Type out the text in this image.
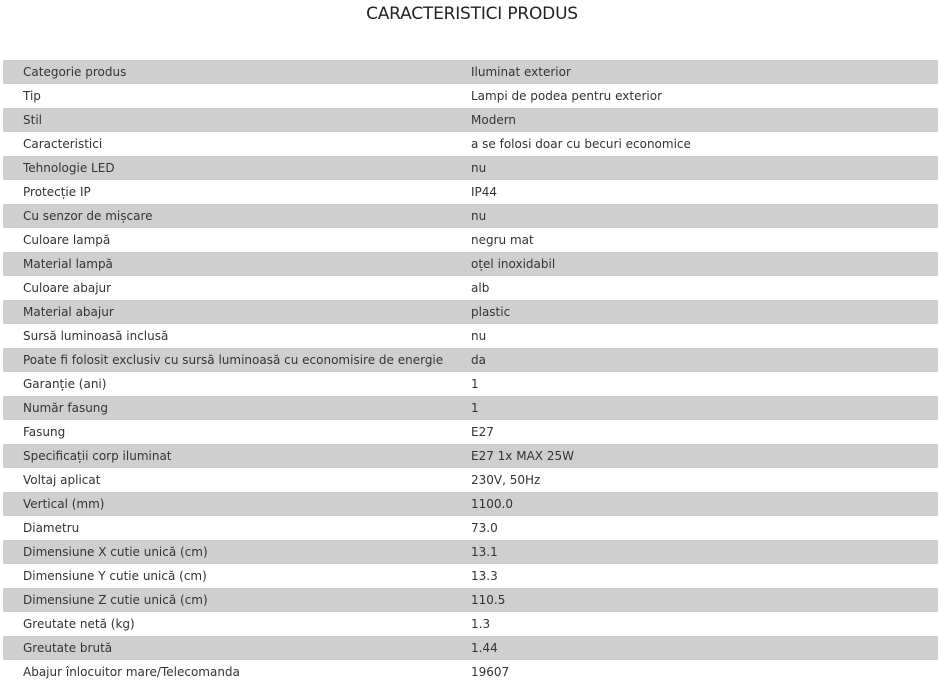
CARACTERISTICI PRODUS
Categorie produs	Iluminat exterior
Tip	Lampi de podea pentru exterior
Stil	Modern
Caracteristici	a se folosi doar cu becuri economice
Tehnologie LED	nu
Protecție IP	IP44
Cu senzor de mișcare	nu
Culoare lampă	negru mat
Material lampă	oțel inoxidabil
Culoare abajur	alb
Material abajur	plastic
Sursă luminoasă inclusă	nu
Poate fi folosit exclusiv cu sursă luminoasă cu economisire de energie	da
Garanție (ani)	1
Număr fasung	1
Fasung	E27
Specificații corp iluminat	E27 1x MAX 25W
Voltaj aplicat	230V, 50Hz
Vertical (mm)	1100.0
Diametru	73.0
Dimensiune X cutie unică (cm)	13.1
Dimensiune Y cutie unică (cm)	13.3
Dimensiune Z cutie unică (cm)	110.5
Greutate netă (kg)	1.3
Greutate brută	1.44
Abajur înlocuitor mare/Telecomanda	19607
